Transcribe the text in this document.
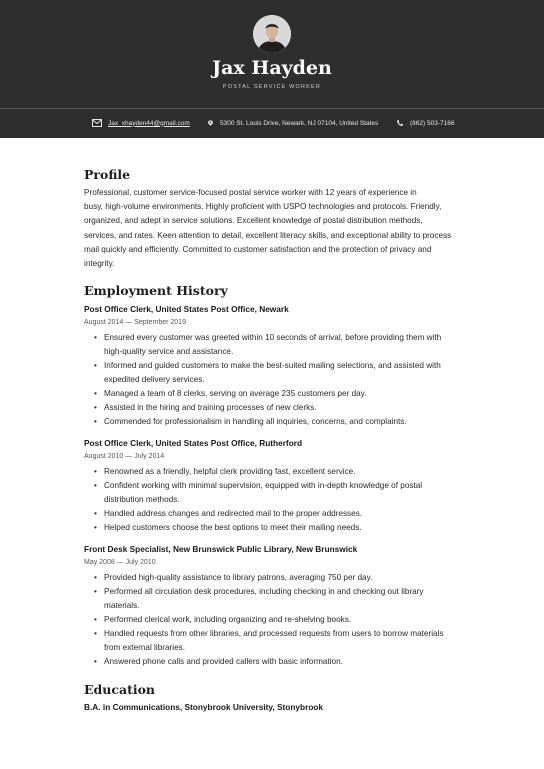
Jax Hayden
POSTAL SERVICE WORKER
Jax_xhayden44@gmail.com	5300 St. Louis Drive, Newark, NJ 07104, United States	(862) 503-7166
Profile
Professional, customer service-focused postal service worker with 12 years of experience in
busy, high-volume environments. Highly proficient with USPO technologies and protocols. Friendly,
organized, and adept in service solutions. Excellent knowledge of postal distribution methods,
services, and rates. Keen attention to detail, excellent literacy skills, and exceptional ability to process
mail quickly and efficiently. Committed to customer satisfaction and the protection of privacy and
integrity.
Employment History
Post Office Clerk, United States Post Office, Newark
August 2014 — September 2019
• Ensured every customer was greeted within 10 seconds of arrival, before providing them with
high-quality service and assistance.
• Informed and guided customers to make the best-suited mailing selections, and assisted with
expedited delivery services.
• Managed a team of 8 clerks, serving on average 235 customers per day.
• Assisted in the hiring and training processes of new clerks.
• Commended for professionalism in handling all inquiries, concerns, and complaints.
Post Office Clerk, United States Post Office, Rutherford
August 2010 — July 2014
• Renowned as a friendly, helpful clerk providing fast, excellent service.
• Confident working with minimal supervision, equipped with in-depth knowledge of postal
distribution methods.
• Handled address changes and redirected mail to the proper addresses.
• Helped customers choose the best options to meet their mailing needs.
Front Desk Specialist, New Brunswick Public Library, New Brunswick
May 2008 — July 2010
• Provided high-quality assistance to library patrons, averaging 750 per day.
• Performed all circulation desk procedures, including checking in and checking out library
materials.
• Performed clerical work, including organizing and re-shelving books.
• Handled requests from other libraries, and processed requests from users to borrow materials
from external libraries.
• Answered phone calls and provided callers with basic information.
Education
B.A. in Communications, Stonybrook University, Stonybrook
